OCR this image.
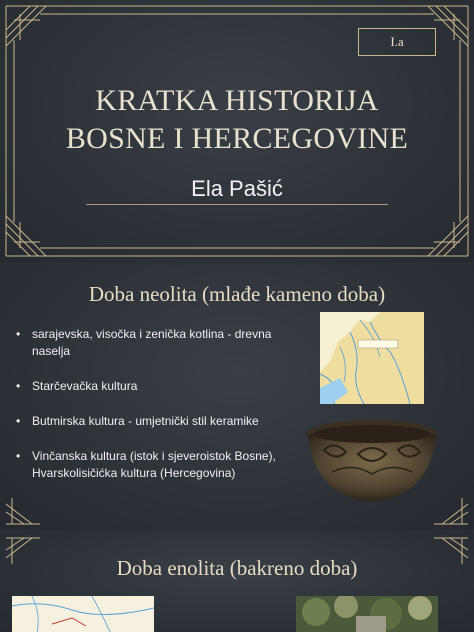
I.a
KRATKA HISTORIJA
BOSNE I HERCEGOVINE
Ela Pašić
Doba neolita (mlađe kameno doba)
• sarajevska, visočka i zenička kotlina - drevna naselja
• Starčevačka kultura
• Butmirska kultura - umjetnički stil keramike
• Vinčanska kultura (istok i sjeveroistok Bosne), Hvarskolisičićka kultura (Hercegovina)
Doba enolita (bakreno doba)
